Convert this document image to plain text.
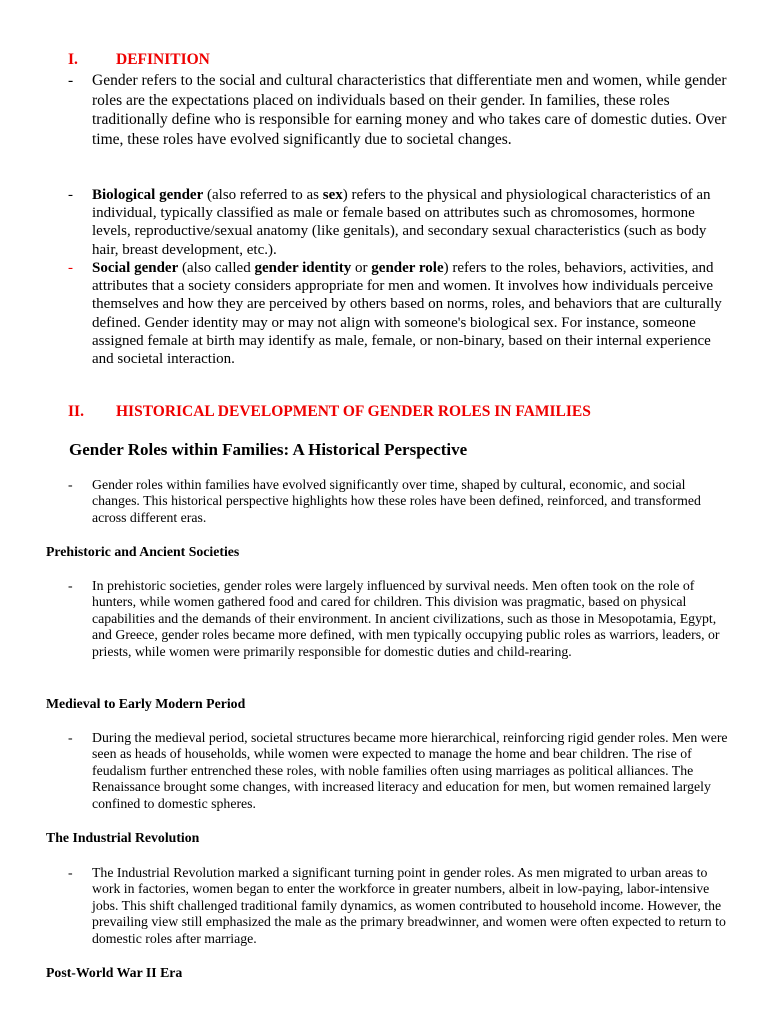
I. DEFINITION

- Gender refers to the social and cultural characteristics that differentiate men and women, while gender roles are the expectations placed on individuals based on their gender. In families, these roles traditionally define who is responsible for earning money and who takes care of domestic duties. Over time, these roles have evolved significantly due to societal changes.

- Biological gender (also referred to as sex) refers to the physical and physiological characteristics of an individual, typically classified as male or female based on attributes such as chromosomes, hormone levels, reproductive/sexual anatomy (like genitals), and secondary sexual characteristics (such as body hair, breast development, etc.).

- Social gender (also called gender identity or gender role) refers to the roles, behaviors, activities, and attributes that a society considers appropriate for men and women. It involves how individuals perceive themselves and how they are perceived by others based on norms, roles, and behaviors that are culturally defined. Gender identity may or may not align with someone's biological sex. For instance, someone assigned female at birth may identify as male, female, or non-binary, based on their internal experience and societal interaction.

II. HISTORICAL DEVELOPMENT OF GENDER ROLES IN FAMILIES
Gender Roles within Families: A Historical Perspective

- Gender roles within families have evolved significantly over time, shaped by cultural, economic, and social changes. This historical perspective highlights how these roles have been defined, reinforced, and transformed across different eras.

Prehistoric and Ancient Societies

- In prehistoric societies, gender roles were largely influenced by survival needs. Men often took on the role of hunters, while women gathered food and cared for children. This division was pragmatic, based on physical capabilities and the demands of their environment. In ancient civilizations, such as those in Mesopotamia, Egypt, and Greece, gender roles became more defined, with men typically occupying public roles as warriors, leaders, or priests, while women were primarily responsible for domestic duties and child-rearing.

Medieval to Early Modern Period

- During the medieval period, societal structures became more hierarchical, reinforcing rigid gender roles. Men were seen as heads of households, while women were expected to manage the home and bear children. The rise of feudalism further entrenched these roles, with noble families often using marriages as political alliances. The Renaissance brought some changes, with increased literacy and education for men, but women remained largely confined to domestic spheres.

The Industrial Revolution

- The Industrial Revolution marked a significant turning point in gender roles. As men migrated to urban areas to work in factories, women began to enter the workforce in greater numbers, albeit in low-paying, labor-intensive jobs. This shift challenged traditional family dynamics, as women contributed to household income. However, the prevailing view still emphasized the male as the primary breadwinner, and women were often expected to return to domestic roles after marriage.

Post-World War II Era
